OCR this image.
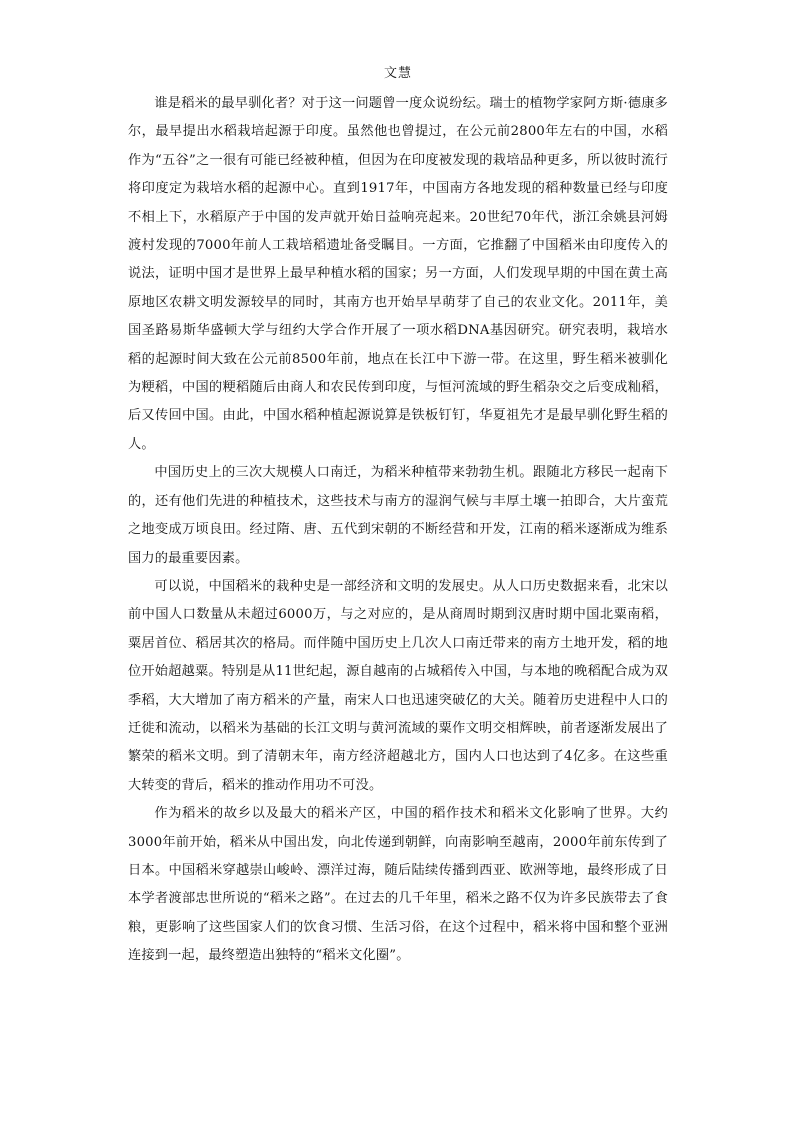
文慧

谁是稻米的最早驯化者？对于这一问题曾一度众说纷纭。瑞士的植物学家阿方斯·德康多尔，最早提出水稻栽培起源于印度。虽然他也曾提过，在公元前2800年左右的中国，水稻作为“五谷”之一很有可能已经被种植，但因为在印度被发现的栽培品种更多，所以彼时流行将印度定为栽培水稻的起源中心。直到1917年，中国南方各地发现的稻种数量已经与印度不相上下，水稻原产于中国的发声就开始日益响亮起来。20世纪70年代，浙江余姚县河姆渡村发现的7000年前人工栽培稻遗址备受瞩目。一方面，它推翻了中国稻米由印度传入的说法，证明中国才是世界上最早种植水稻的国家；另一方面，人们发现早期的中国在黄土高原地区农耕文明发源较早的同时，其南方也开始早早萌芽了自己的农业文化。2011年，美国圣路易斯华盛顿大学与纽约大学合作开展了一项水稻DNA基因研究。研究表明，栽培水稻的起源时间大致在公元前8500年前，地点在长江中下游一带。在这里，野生稻米被驯化为粳稻，中国的粳稻随后由商人和农民传到印度，与恒河流域的野生稻杂交之后变成籼稻，后又传回中国。由此，中国水稻种植起源说算是铁板钉钉，华夏祖先才是最早驯化野生稻的人。

中国历史上的三次大规模人口南迁，为稻米种植带来勃勃生机。跟随北方移民一起南下的，还有他们先进的种植技术，这些技术与南方的湿润气候与丰厚土壤一拍即合，大片蛮荒之地变成万顷良田。经过隋、唐、五代到宋朝的不断经营和开发，江南的稻米逐渐成为维系国力的最重要因素。

可以说，中国稻米的栽种史是一部经济和文明的发展史。从人口历史数据来看，北宋以前中国人口数量从未超过6000万，与之对应的，是从商周时期到汉唐时期中国北粟南稻，粟居首位、稻居其次的格局。而伴随中国历史上几次人口南迁带来的南方土地开发，稻的地位开始超越粟。特别是从11世纪起，源自越南的占城稻传入中国，与本地的晚稻配合成为双季稻，大大增加了南方稻米的产量，南宋人口也迅速突破亿的大关。随着历史进程中人口的迁徙和流动，以稻米为基础的长江文明与黄河流域的粟作文明交相辉映，前者逐渐发展出了繁荣的稻米文明。到了清朝末年，南方经济超越北方，国内人口也达到了4亿多。在这些重大转变的背后，稻米的推动作用功不可没。

作为稻米的故乡以及最大的稻米产区，中国的稻作技术和稻米文化影响了世界。大约3000年前开始，稻米从中国出发，向北传递到朝鲜，向南影响至越南，2000年前东传到了日本。中国稻米穿越崇山峻岭、漂洋过海，随后陆续传播到西亚、欧洲等地，最终形成了日本学者渡部忠世所说的“稻米之路”。在过去的几千年里，稻米之路不仅为许多民族带去了食粮，更影响了这些国家人们的饮食习惯、生活习俗，在这个过程中，稻米将中国和整个亚洲连接到一起，最终塑造出独特的“稻米文化圈”。
